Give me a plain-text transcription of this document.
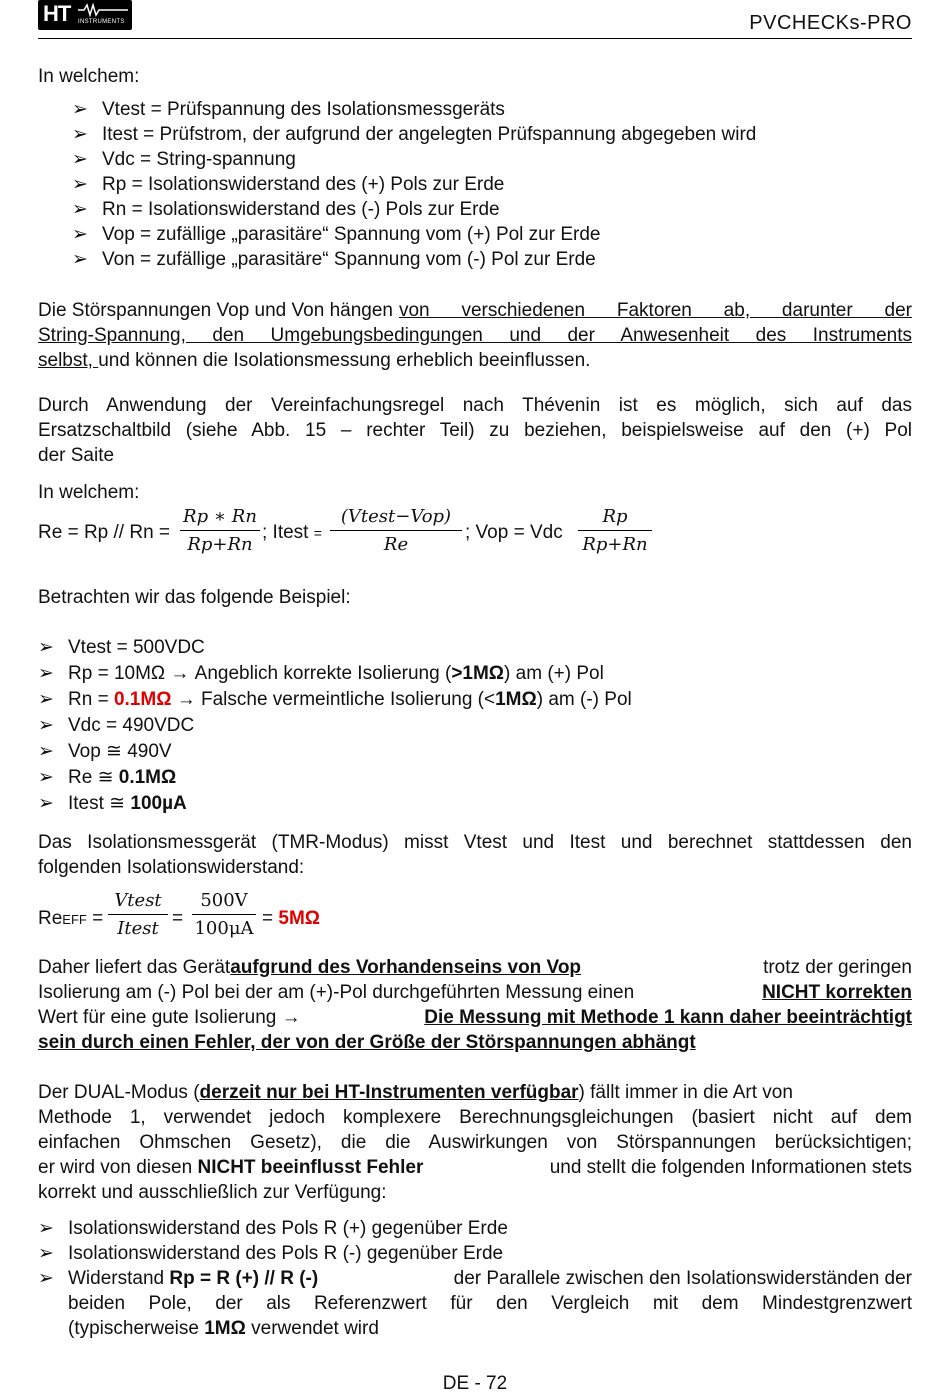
HT INSTRUMENTS	PVCHECKs-PRO
In welchem:
➢ Vtest = Prüfspannung des Isolationsmessgeräts
➢ Itest = Prüfstrom, der aufgrund der angelegten Prüfspannung abgegeben wird
➢ Vdc = String-spannung
➢ Rp = Isolationswiderstand des (+) Pols zur Erde
➢ Rn = Isolationswiderstand des (-) Pols zur Erde
➢ Vop = zufällige „parasitäre“ Spannung vom (+) Pol zur Erde
➢ Von = zufällige „parasitäre“ Spannung vom (-) Pol zur Erde
Die Störspannungen Vop und Von hängen von verschiedenen Faktoren ab, darunter der
String-Spannung, den Umgebungsbedingungen und der Anwesenheit des Instruments
selbst, und können die Isolationsmessung erheblich beeinflussen.
Durch Anwendung der Vereinfachungsregel nach Thévenin ist es möglich, sich auf das
Ersatzschaltbild (siehe Abb. 15 – rechter Teil) zu beziehen, beispielsweise auf den (+) Pol
der Saite
In welchem:
Re = Rp // Rn =
Rp ∗ Rn
Rp+Rn
; Itest =
(Vtest−Vop)
Re
; Vop = Vdc
Rp
Rp+Rn
Betrachten wir das folgende Beispiel:
➢ Vtest = 500VDC
➢ Rp = 10MΩ → Angeblich korrekte Isolierung (>1MΩ) am (+) Pol
➢ Rn = 0.1MΩ → Falsche vermeintliche Isolierung (<1MΩ) am (-) Pol
➢ Vdc = 490VDC
➢ Vop ≅ 490V
➢ Re ≅ 0.1MΩ
➢ Itest ≅ 100µA
Das Isolationsmessgerät (TMR-Modus) misst Vtest und Itest und berechnet stattdessen den
folgenden Isolationswiderstand:
ReEFF =
Vtest
Itest =
500V
100μA = 5MΩ
Daher liefert das Gerät aufgrund des Vorhandenseins von Vop	trotz der geringen
Isolierung am (-) Pol bei der am (+)-Pol durchgeführten Messung einen	NICHT korrekten
Wert für eine gute Isolierung →	Die Messung mit Methode 1 kann daher beeinträchtigt
sein durch einen Fehler, der von der Größe der Störspannungen abhängt
Der DUAL-Modus (derzeit nur bei HT-Instrumenten verfügbar) fällt immer in die Art von
Methode 1, verwendet jedoch komplexere Berechnungsgleichungen (basiert nicht auf dem
einfachen Ohmschen Gesetz), die die Auswirkungen von Störspannungen berücksichtigen;
er wird von diesen NICHT beeinflusst Fehler	und stellt die folgenden Informationen stets
korrekt und ausschließlich zur Verfügung:
➢ Isolationswiderstand des Pols R (+) gegenüber Erde
➢ Isolationswiderstand des Pols R (-) gegenüber Erde
➢ Widerstand Rp = R (+) // R (-)	der Parallele zwischen den Isolationswiderständen der
beiden Pole, der als Referenzwert für den Vergleich mit dem Mindestgrenzwert
(typischerweise 1MΩ verwendet wird
DE - 72
